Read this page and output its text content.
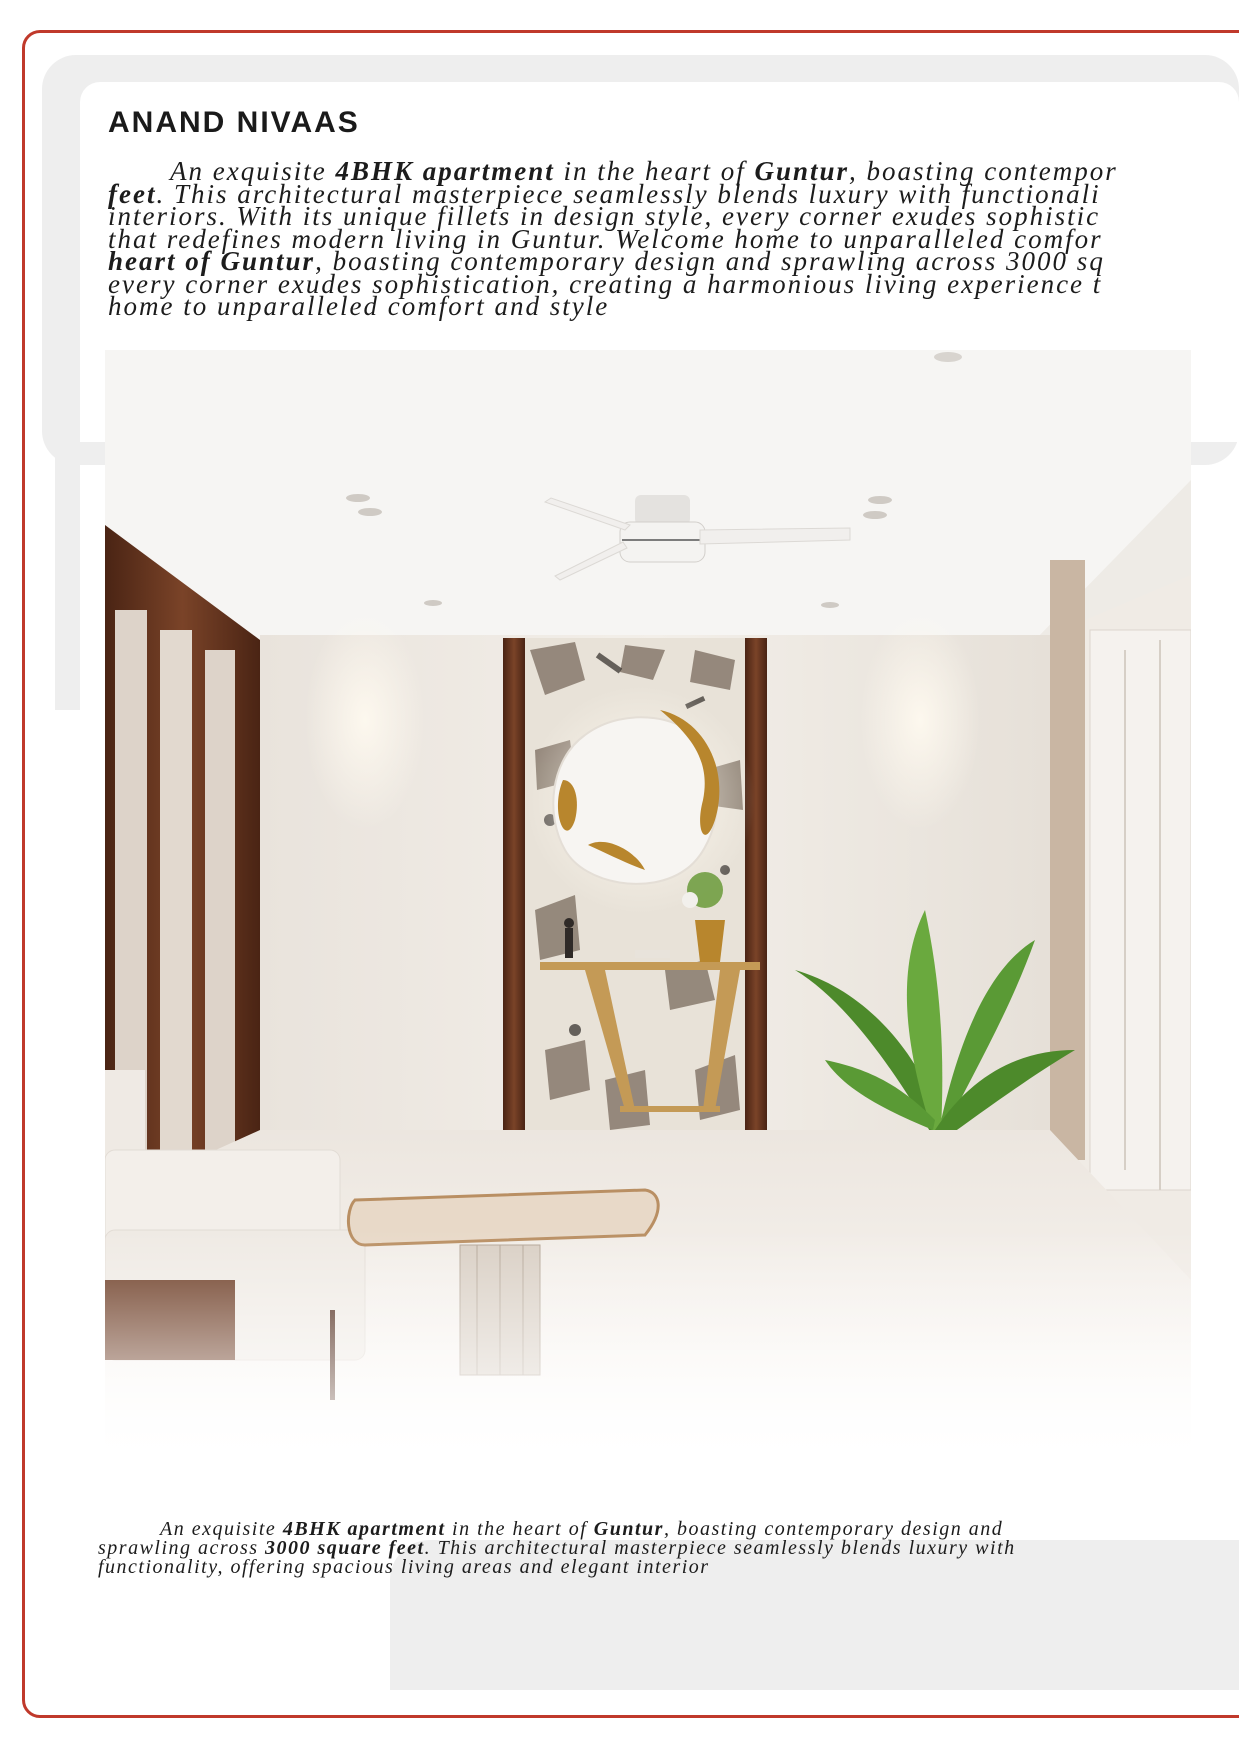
ANAND NIVAAS
An exquisite 4BHK apartment in the heart of Guntur, boasting contempor
feet. This architectural masterpiece seamlessly blends luxury with functionali
interiors. With its unique fillets in design style, every corner exudes sophistic
that redefines modern living in Guntur. Welcome home to unparalleled comfor
heart of Guntur, boasting contemporary design and sprawling across 3000 sq
every corner exudes sophistication, creating a harmonious living experience t
home to unparalleled comfort and style
An exquisite 4BHK apartment in the heart of Guntur, boasting contemporary design and
sprawling across 3000 square feet. This architectural masterpiece seamlessly blends luxury with
functionality, offering spacious living areas and elegant interior
